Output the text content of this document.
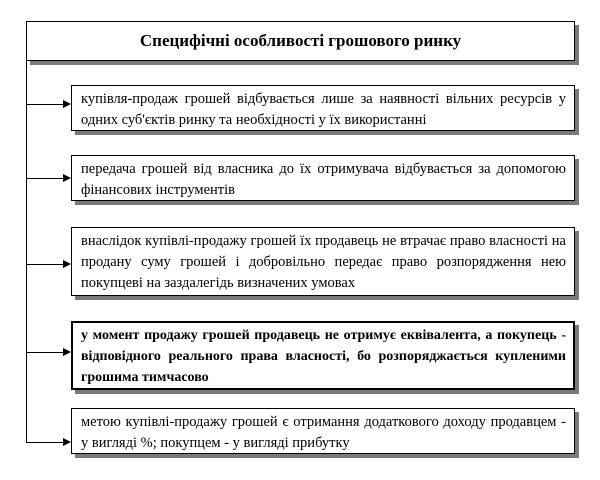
Специфічні особливості грошового ринку
купівля-продаж грошей відбувається лише за наявності вільних ресурсів у одних суб'єктів ринку та необхідності у їх використанні
передача грошей від власника до їх отримувача відбувається за допомогою фінансових інструментів
внаслідок купівлі-продажу грошей їх продавець не втрачає право власності на продану суму грошей і добровільно передає право розпорядження нею покупцеві на заздалегідь визначених умовах
у момент продажу грошей продавець не отримує еквівалента, а покупець - відповідного реального права власності, бо розпоряджається купленими грошима тимчасово
метою купівлі-продажу грошей є отримання додаткового доходу продавцем - у вигляді %; покупцем - у вигляді прибутку
